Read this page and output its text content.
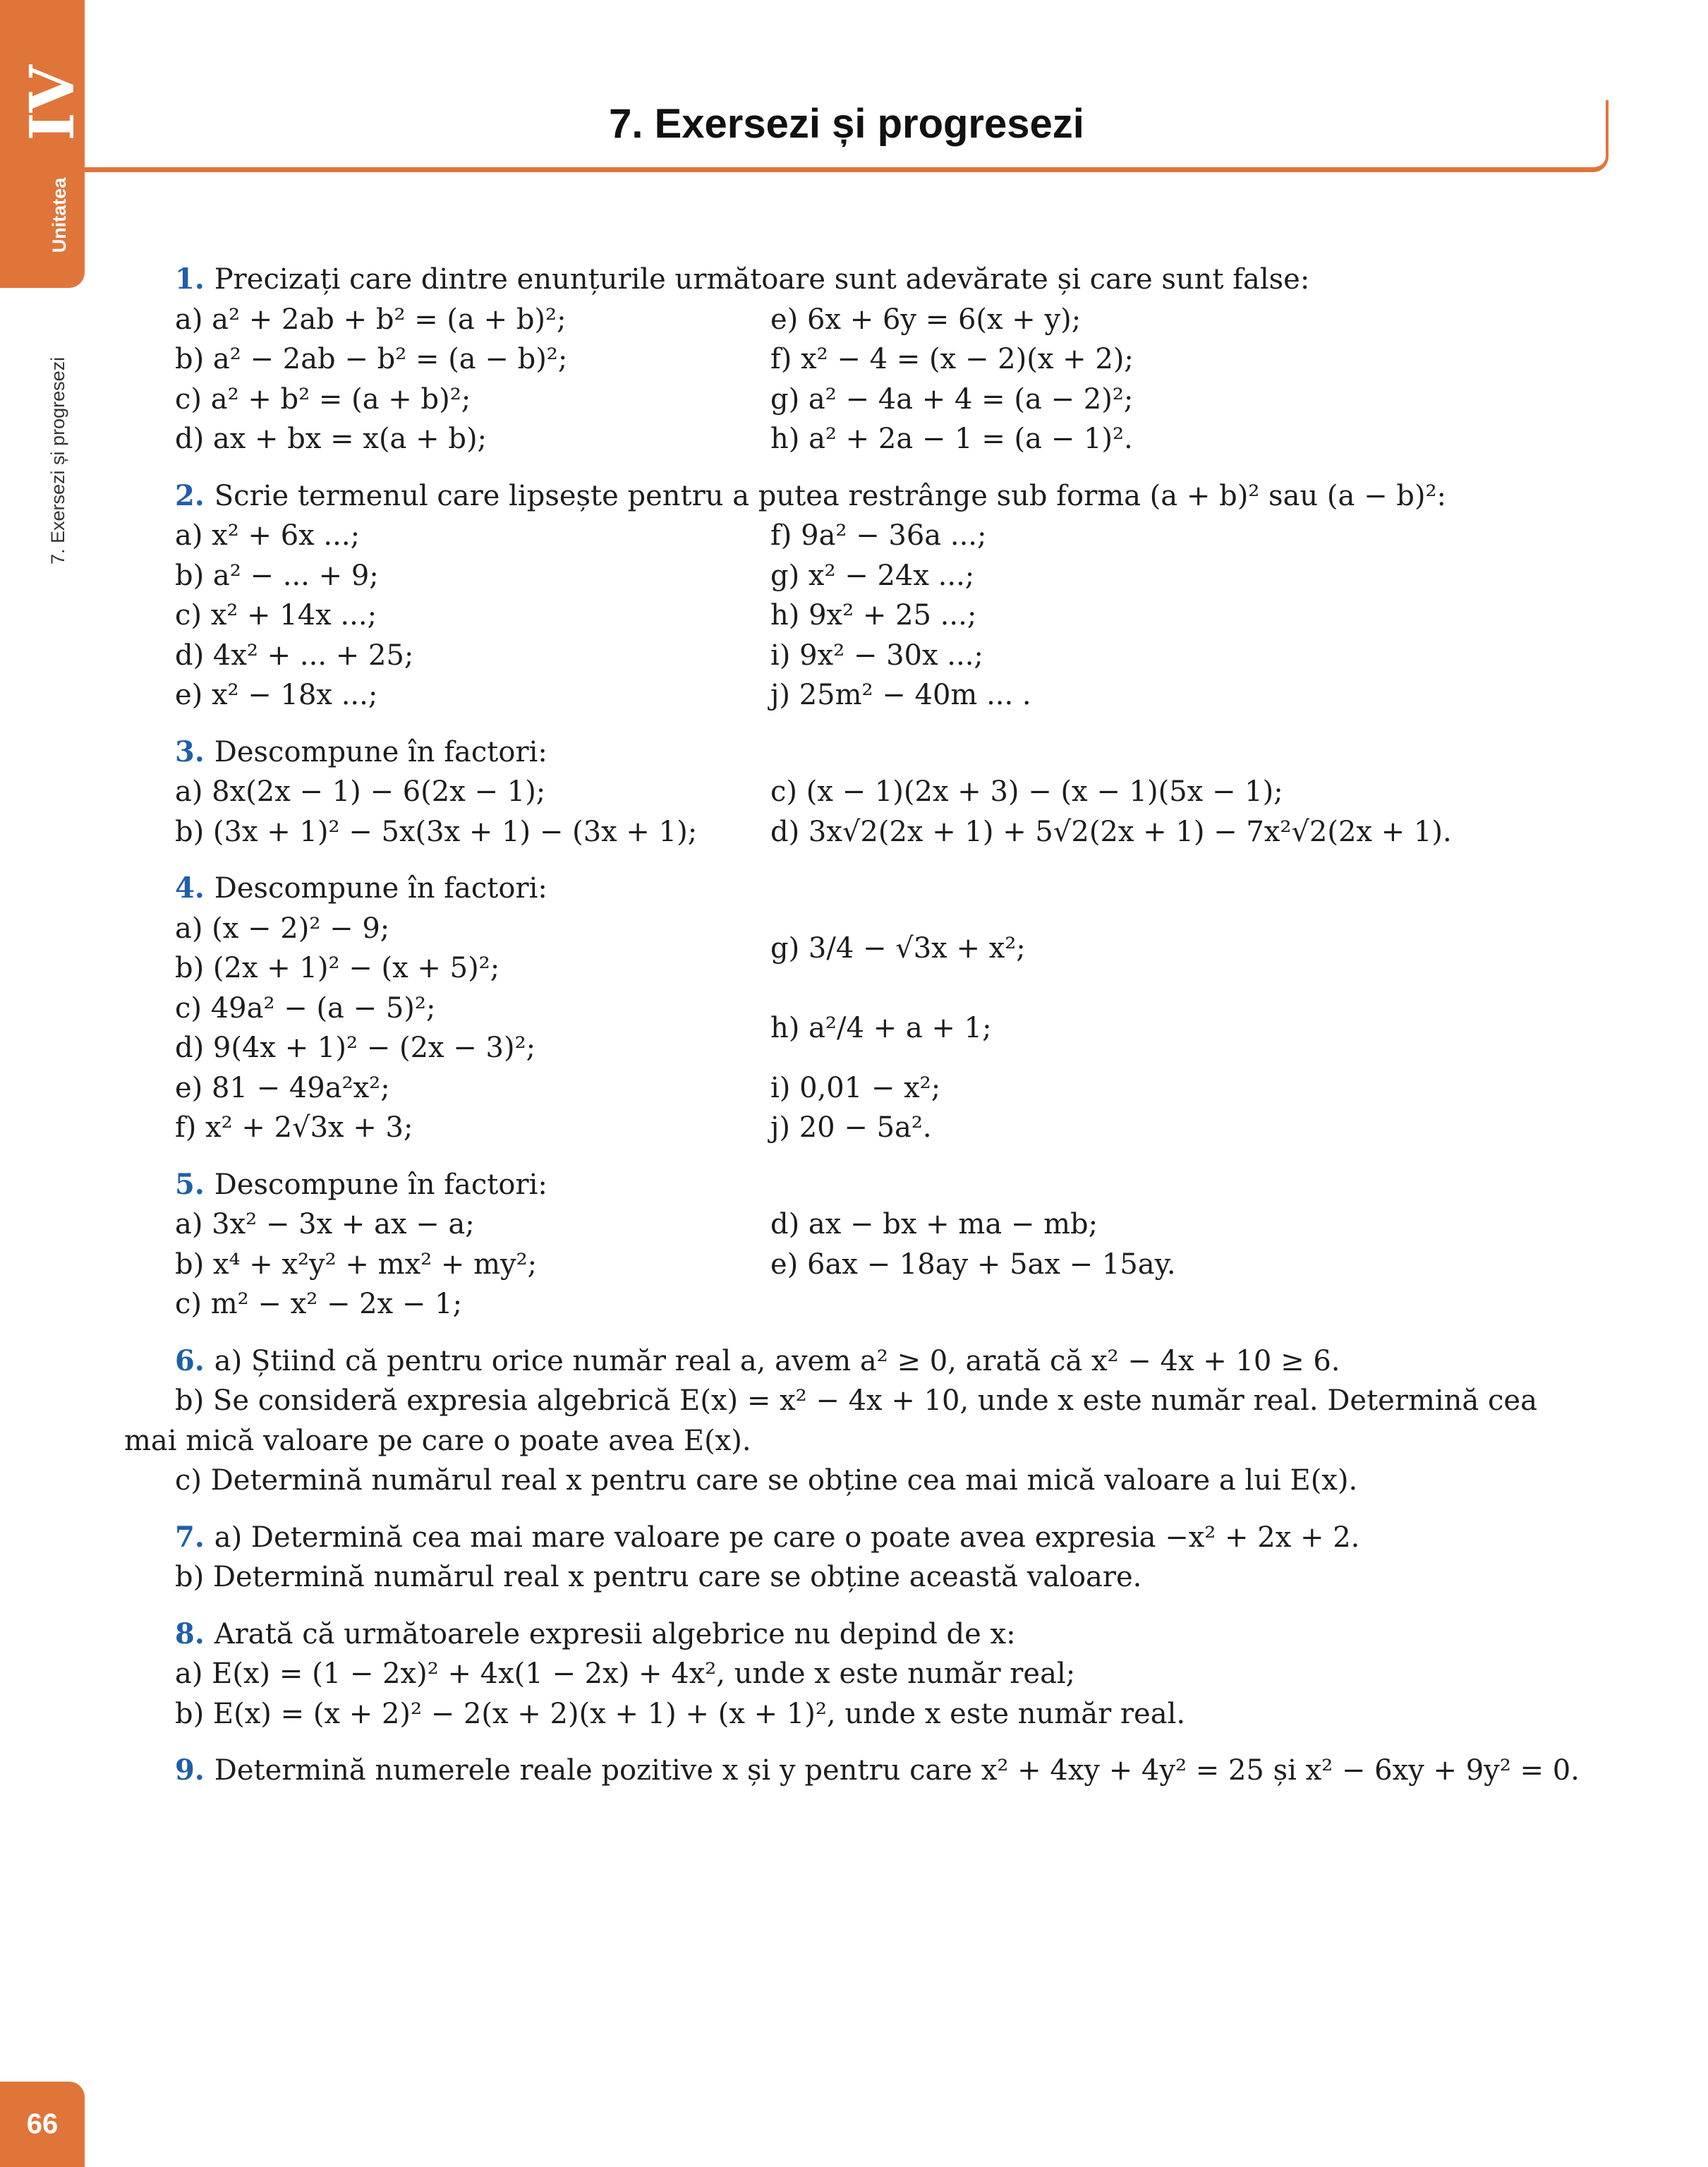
IV
Unitatea
7. Exersezi și progresezi
7. Exersezi și progresezi
1. Precizați care dintre enunțurile următoare sunt adevărate și care sunt false:
a) a² + 2ab + b² = (a + b)²;
b) a² − 2ab − b² = (a − b)²;
c) a² + b² = (a + b)²;
d) ax + bx = x(a + b);
e) 6x + 6y = 6(x + y);
f) x² − 4 = (x − 2)(x + 2);
g) a² − 4a + 4 = (a − 2)²;
h) a² + 2a − 1 = (a − 1)².
2. Scrie termenul care lipsește pentru a putea restrânge sub forma (a + b)² sau (a − b)²:
a) x² + 6x ...;
b) a² − ... + 9;
c) x² + 14x ...;
d) 4x² + ... + 25;
e) x² − 18x ...;
f) 9a² − 36a ...;
g) x² − 24x ...;
h) 9x² + 25 ...;
i) 9x² − 30x ...;
j) 25m² − 40m ... .
3. Descompune în factori:
a) 8x(2x − 1) − 6(2x − 1);
b) (3x + 1)² − 5x(3x + 1) − (3x + 1);
c) (x − 1)(2x + 3) − (x − 1)(5x − 1);
d) 3x√2(2x + 1) + 5√2(2x + 1) − 7x²√2(2x + 1).
4. Descompune în factori:
a) (x − 2)² − 9;
b) (2x + 1)² − (x + 5)²;
c) 49a² − (a − 5)²;
d) 9(4x + 1)² − (2x − 3)²;
e) 81 − 49a²x²;
f) x² + 2√3x + 3;
g) 3/4 − √3x + x²;
h) a²/4 + a + 1;
i) 0,01 − x²;
j) 20 − 5a².
5. Descompune în factori:
a) 3x² − 3x + ax − a;
b) x⁴ + x²y² + mx² + my²;
c) m² − x² − 2x − 1;
d) ax − bx + ma − mb;
e) 6ax − 18ay + 5ax − 15ay.
6. a) Știind că pentru orice număr real a, avem a² ≥ 0, arată că x² − 4x + 10 ≥ 6.
b) Se consideră expresia algebrică E(x) = x² − 4x + 10, unde x este număr real. Determină cea mai mică valoare pe care o poate avea E(x).
c) Determină numărul real x pentru care se obține cea mai mică valoare a lui E(x).
7. a) Determină cea mai mare valoare pe care o poate avea expresia −x² + 2x + 2.
b) Determină numărul real x pentru care se obține această valoare.
8. Arată că următoarele expresii algebrice nu depind de x:
a) E(x) = (1 − 2x)² + 4x(1 − 2x) + 4x², unde x este număr real;
b) E(x) = (x + 2)² − 2(x + 2)(x + 1) + (x + 1)², unde x este număr real.
9. Determină numerele reale pozitive x și y pentru care x² + 4xy + 4y² = 25 și x² − 6xy + 9y² = 0.
66
